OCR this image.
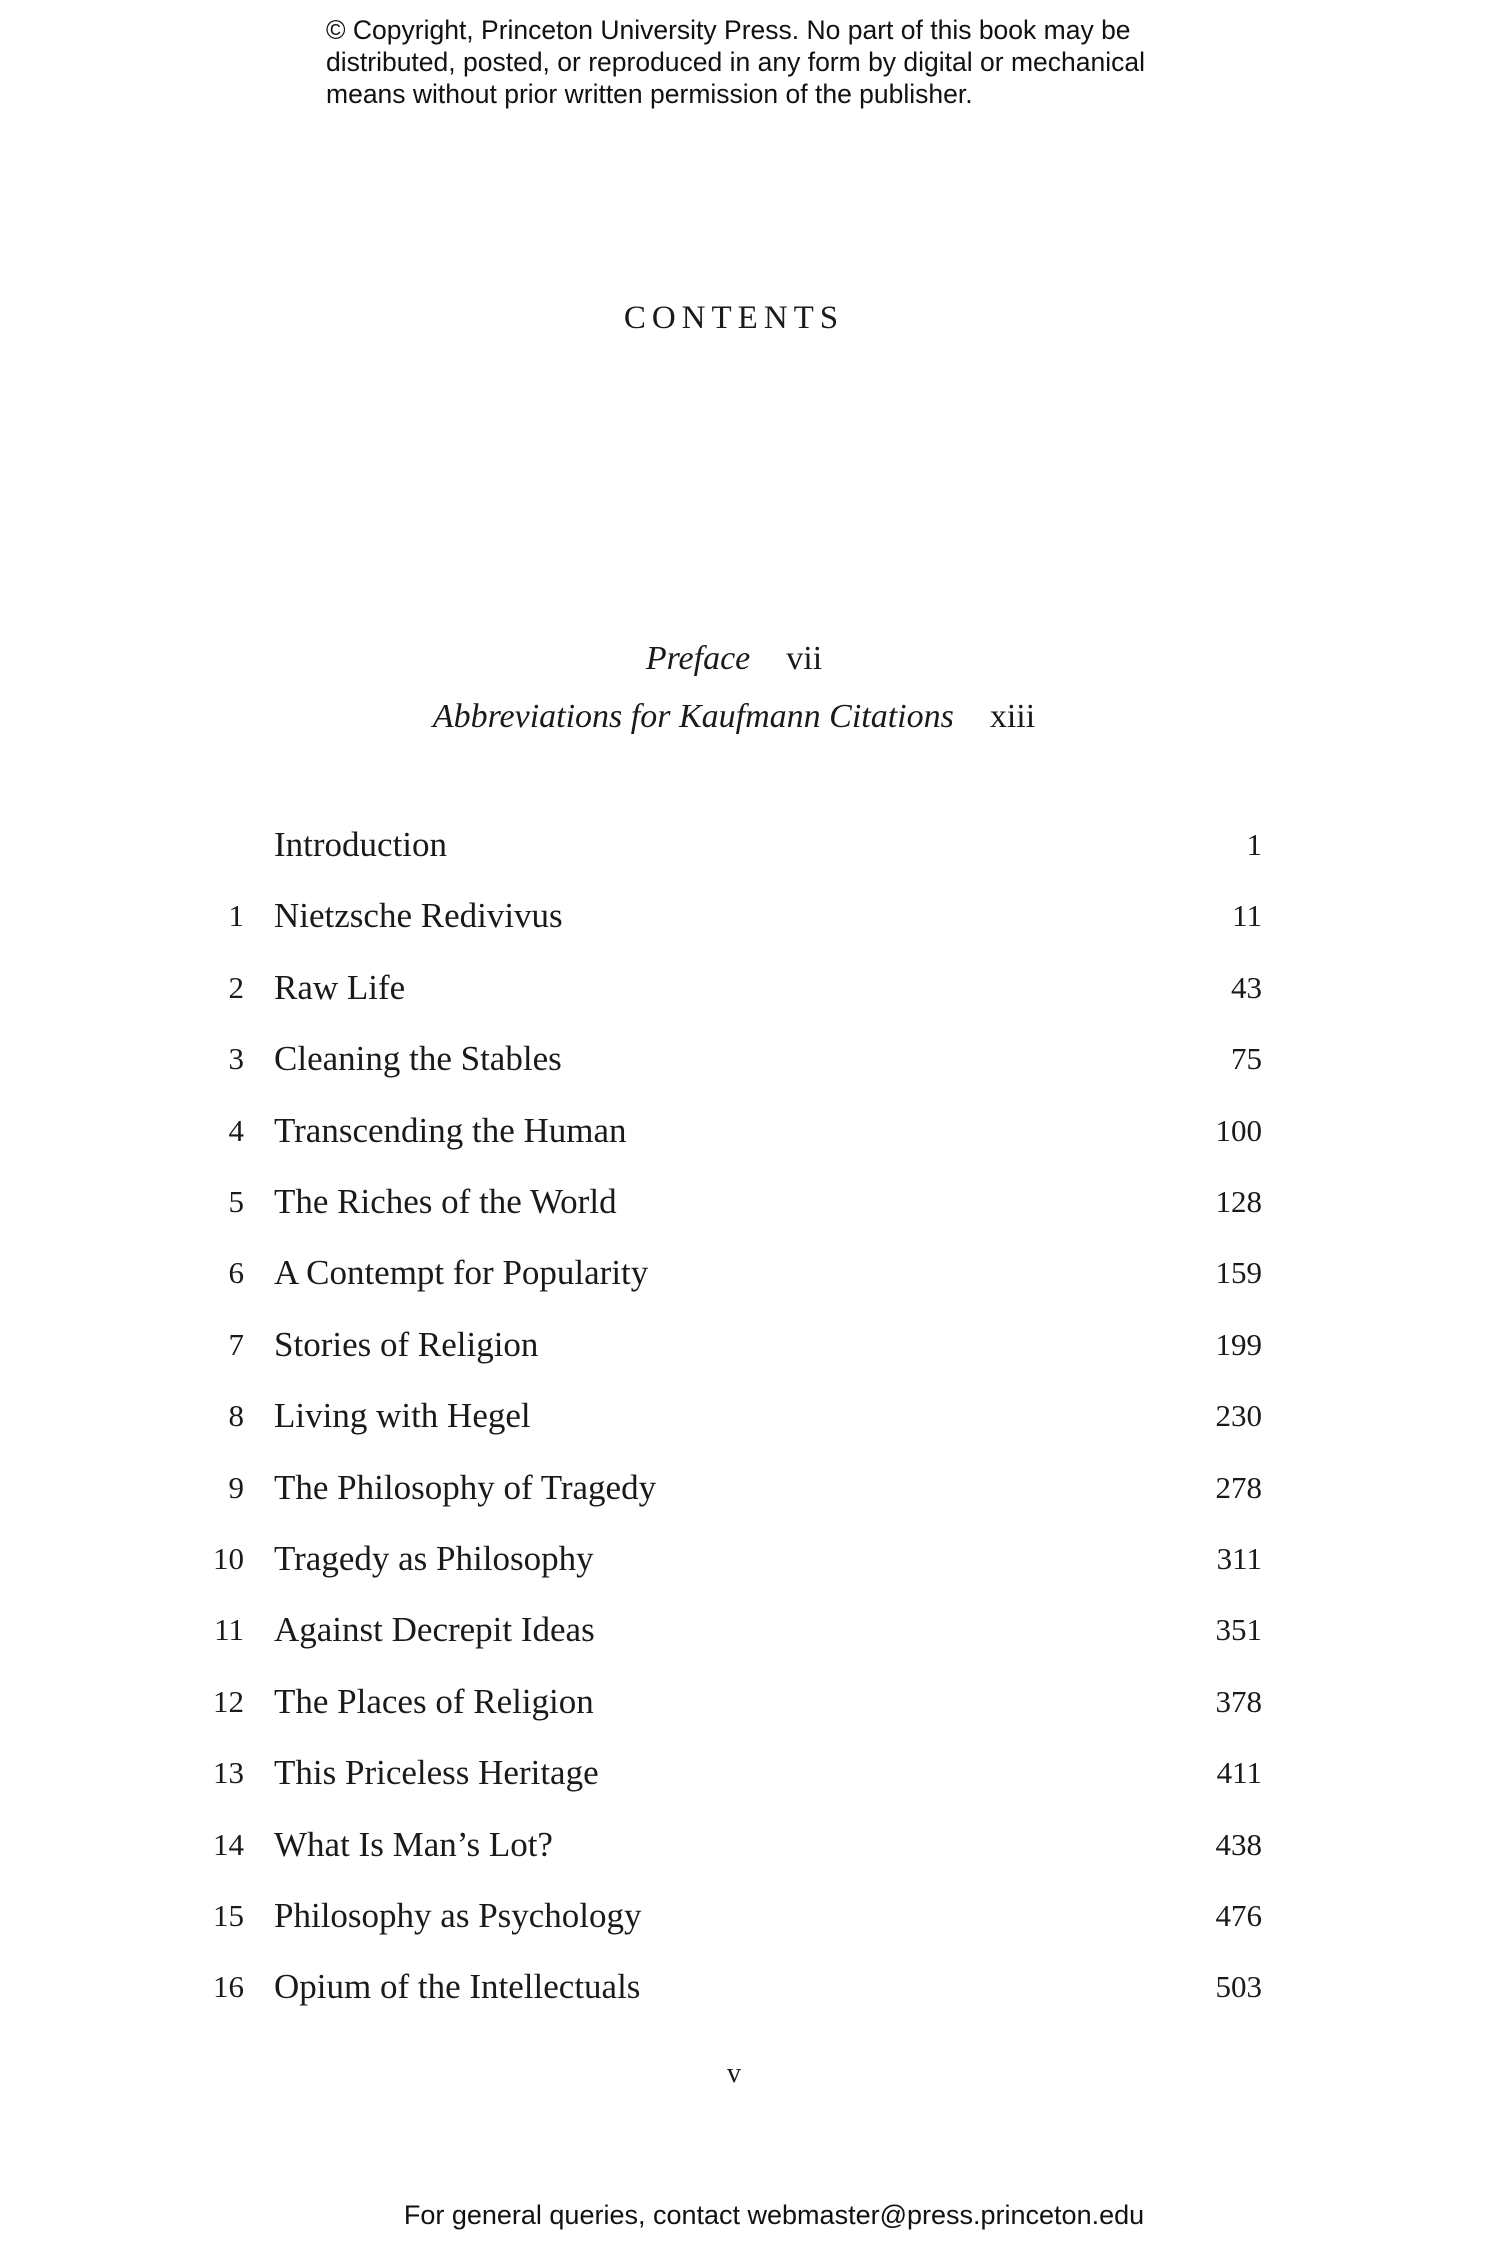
© Copyright, Princeton University Press. No part of this book may be
distributed, posted, or reproduced in any form by digital or mechanical
means without prior written permission of the publisher.
CONTENTS
Preface vii
Abbreviations for Kaufmann Citations xiii
Introduction	1
1 Nietzsche Redivivus	11
2 Raw Life	43
3 Cleaning the Stables	75
4 Transcending the Human	100
5 The Riches of the World	128
6 A Contempt for Popularity	159
7 Stories of Religion	199
8 Living with Hegel	230
9 The Philosophy of Tragedy	278
10 Tragedy as Philosophy	311
11 Against Decrepit Ideas	351
12 The Places of Religion	378
13 This Priceless Heritage	411
14 What Is Man’s Lot?	438
15 Philosophy as Psychology	476
16 Opium of the Intellectuals	503
v
For general queries, contact webmaster@press.princeton.edu
